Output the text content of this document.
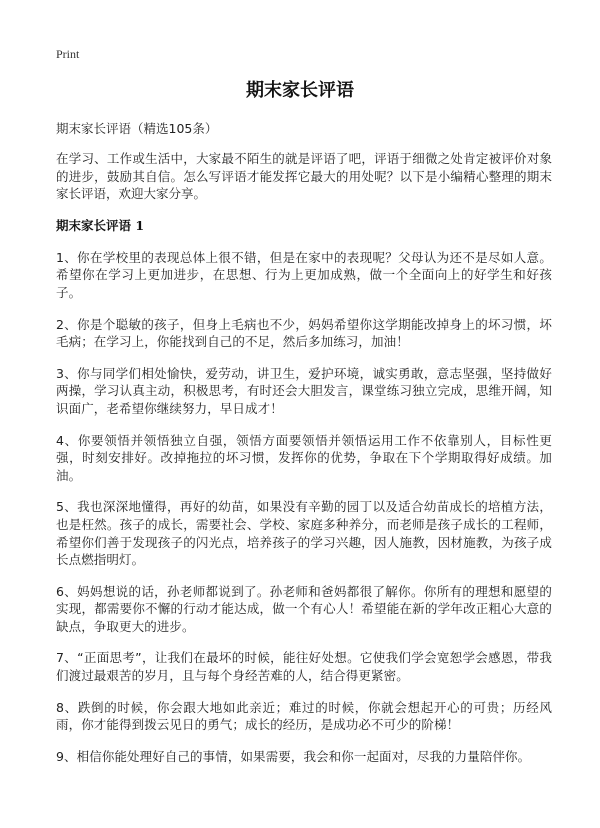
Print
期末家长评语

期末家长评语（精选105条）

在学习、工作或生活中，大家最不陌生的就是评语了吧，评语于细微之处肯定被评价对象的进步，鼓励其自信。怎么写评语才能发挥它最大的用处呢？以下是小编精心整理的期末家长评语，欢迎大家分享。

期末家长评语 1

1、你在学校里的表现总体上很不错，但是在家中的表现呢？父母认为还不是尽如人意。希望你在学习上更加进步，在思想、行为上更加成熟，做一个全面向上的好学生和好孩子。

2、你是个聪敏的孩子，但身上毛病也不少，妈妈希望你这学期能改掉身上的坏习惯，坏毛病；在学习上，你能找到自己的不足，然后多加练习，加油！

3、你与同学们相处愉快，爱劳动，讲卫生，爱护环境，诚实勇敢，意志坚强，坚持做好两操，学习认真主动，积极思考，有时还会大胆发言，课堂练习独立完成，思维开阔，知识面广，老希望你继续努力，早日成才！

4、你要领悟并领悟独立自强，领悟方面要领悟并领悟运用工作不依靠别人，目标性更强，时刻安排好。改掉拖拉的坏习惯，发挥你的优势，争取在下个学期取得好成绩。加油。

5、我也深深地懂得，再好的幼苗，如果没有辛勤的园丁以及适合幼苗成长的培植方法，也是枉然。孩子的成长，需要社会、学校、家庭多种养分，而老师是孩子成长的工程师，希望你们善于发现孩子的闪光点，培养孩子的学习兴趣，因人施教，因材施教，为孩子成长点燃指明灯。

6、妈妈想说的话，孙老师都说到了。孙老师和爸妈都很了解你。你所有的理想和愿望的实现，都需要你不懈的行动才能达成，做一个有心人！希望能在新的学年改正粗心大意的缺点，争取更大的进步。

7、“正面思考”，让我们在最坏的时候，能往好处想。它使我们学会宽恕学会感恩，带我们渡过最艰苦的岁月，且与每个身经苦难的人，结合得更紧密。

8、跌倒的时候，你会跟大地如此亲近；难过的时候，你就会想起开心的可贵；历经风雨，你才能得到拨云见日的勇气；成长的经历，是成功必不可少的阶梯！

9、相信你能处理好自己的事情，如果需要，我会和你一起面对，尽我的力量陪伴你。
